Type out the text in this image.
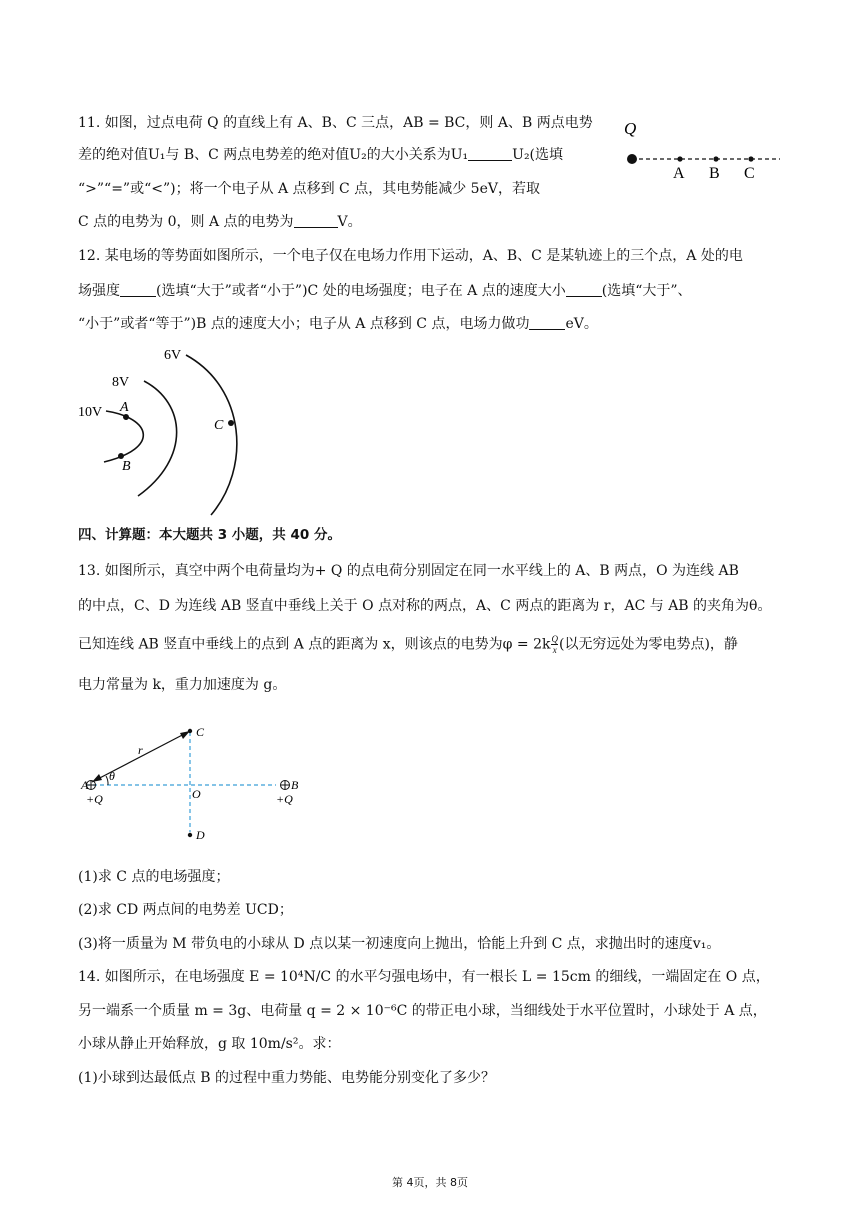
11. 如图，过点电荷 Q 的直线上有 A、B、C 三点，AB = BC，则 A、B 两点电势
差的绝对值U₁与 B、C 两点电势差的绝对值U₂的大小关系为U₁	U₂(选填
“>”“=”或“<”)；将一个电子从 A 点移到 C 点，其电势能减少 5eV，若取
C 点的电势为 0，则 A 点的电势为	V。
Q
A B C
12. 某电场的等势面如图所示，一个电子仅在电场力作用下运动，A、B、C 是某轨迹上的三个点，A 处的电
场强度	(选填“大于”或者“小于”)C 处的电场强度；电子在 A 点的速度大小	(选填“大于”、
“小于”或者“等于”)B 点的速度大小；电子从 A 点移到 C 点，电场力做功	eV。
6V
8V
10V A
B
C
四、计算题：本大题共 3 小题，共 40 分。
13. 如图所示，真空中两个电荷量均为+ Q 的点电荷分别固定在同一水平线上的 A、B 两点，O 为连线 AB
的中点，C、D 为连线 AB 竖直中垂线上关于 O 点对称的两点，A、C 两点的距离为 r，AC 与 AB 的夹角为θ。
已知连线 AB 竖直中垂线上的点到 A 点的距离为 x，则该点的电势为$\varphi = 2k \frac{Q}{x}$ (以无穷远处为零电势点)，静
电力常量为 k，重力加速度为 g。
θ
r
C
D
O
A
+Q
B
+Q
(1)求 C 点的电场强度；
(2)求 CD 两点间的电势差 UCD；
(3)将一质量为 M 带负电的小球从 D 点以某一初速度向上抛出，恰能上升到 C 点，求抛出时的速度v₁。
14. 如图所示，在电场强度 E = 10⁴N/C 的水平匀强电场中，有一根长 L = 15cm 的细线，一端固定在 O 点，
另一端系一个质量 m = 3g、电荷量 q = 2 × 10⁻⁶C 的带正电小球，当细线处于水平位置时，小球处于 A 点，
小球从静止开始释放，g 取 10m/s²。求：
(1)小球到达最低点 B 的过程中重力势能、电势能分别变化了多少？
第 4页，共 8页
